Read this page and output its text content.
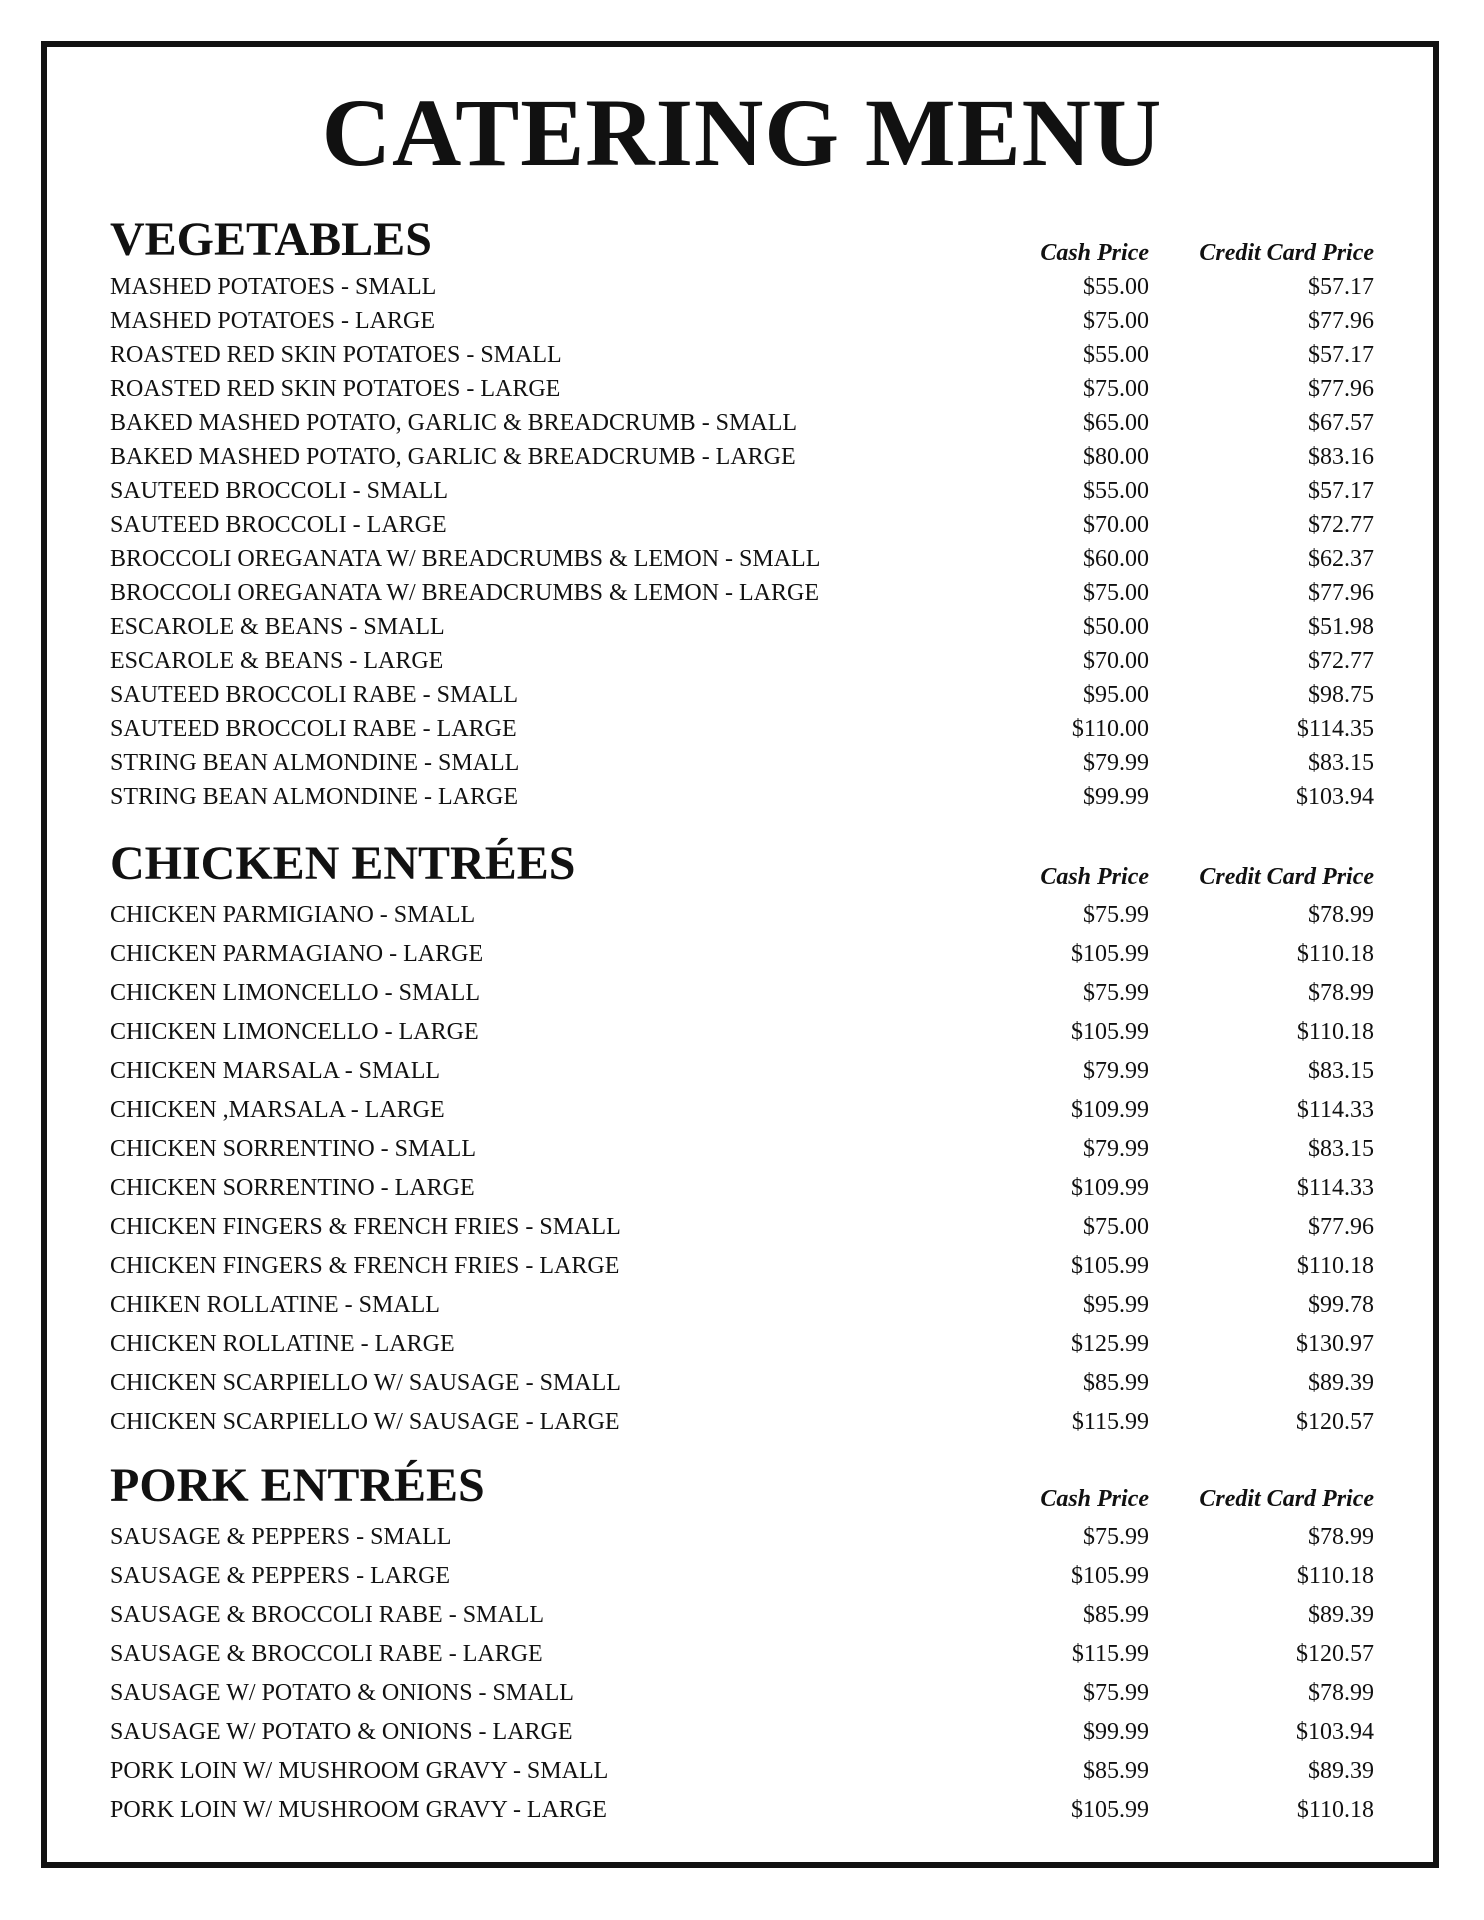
CATERING MENU
VEGETABLES	Cash Price Credit Card Price
MASHED POTATOES - SMALL	$55.00	$57.17
MASHED POTATOES - LARGE	$75.00	$77.96
ROASTED RED SKIN POTATOES - SMALL	$55.00	$57.17
ROASTED RED SKIN POTATOES - LARGE	$75.00	$77.96
BAKED MASHED POTATO, GARLIC & BREADCRUMB - SMALL	$65.00	$67.57
BAKED MASHED POTATO, GARLIC & BREADCRUMB - LARGE	$80.00	$83.16
SAUTEED BROCCOLI - SMALL	$55.00	$57.17
SAUTEED BROCCOLI - LARGE	$70.00	$72.77
BROCCOLI OREGANATA W/ BREADCRUMBS & LEMON - SMALL	$60.00	$62.37
BROCCOLI OREGANATA W/ BREADCRUMBS & LEMON - LARGE	$75.00	$77.96
ESCAROLE & BEANS - SMALL	$50.00	$51.98
ESCAROLE & BEANS - LARGE	$70.00	$72.77
SAUTEED BROCCOLI RABE - SMALL	$95.00	$98.75
SAUTEED BROCCOLI RABE - LARGE	$110.00	$114.35
STRING BEAN ALMONDINE - SMALL	$79.99	$83.15
STRING BEAN ALMONDINE - LARGE	$99.99	$103.94
CHICKEN ENTRÉES	Cash Price Credit Card Price
CHICKEN PARMIGIANO - SMALL	$75.99	$78.99
CHICKEN PARMAGIANO - LARGE	$105.99	$110.18
CHICKEN LIMONCELLO - SMALL	$75.99	$78.99
CHICKEN LIMONCELLO - LARGE	$105.99	$110.18
CHICKEN MARSALA - SMALL	$79.99	$83.15
CHICKEN ,MARSALA - LARGE	$109.99	$114.33
CHICKEN SORRENTINO - SMALL	$79.99	$83.15
CHICKEN SORRENTINO - LARGE	$109.99	$114.33
CHICKEN FINGERS & FRENCH FRIES - SMALL	$75.00	$77.96
CHICKEN FINGERS & FRENCH FRIES - LARGE	$105.99	$110.18
CHIKEN ROLLATINE - SMALL	$95.99	$99.78
CHICKEN ROLLATINE - LARGE	$125.99	$130.97
CHICKEN SCARPIELLO W/ SAUSAGE - SMALL	$85.99	$89.39
CHICKEN SCARPIELLO W/ SAUSAGE - LARGE	$115.99	$120.57
PORK ENTRÉES	Cash Price Credit Card Price
SAUSAGE & PEPPERS - SMALL	$75.99	$78.99
SAUSAGE & PEPPERS - LARGE	$105.99	$110.18
SAUSAGE & BROCCOLI RABE - SMALL	$85.99	$89.39
SAUSAGE & BROCCOLI RABE - LARGE	$115.99	$120.57
SAUSAGE W/ POTATO & ONIONS - SMALL	$75.99	$78.99
SAUSAGE W/ POTATO & ONIONS - LARGE	$99.99	$103.94
PORK LOIN W/ MUSHROOM GRAVY - SMALL	$85.99	$89.39
PORK LOIN W/ MUSHROOM GRAVY - LARGE	$105.99	$110.18
